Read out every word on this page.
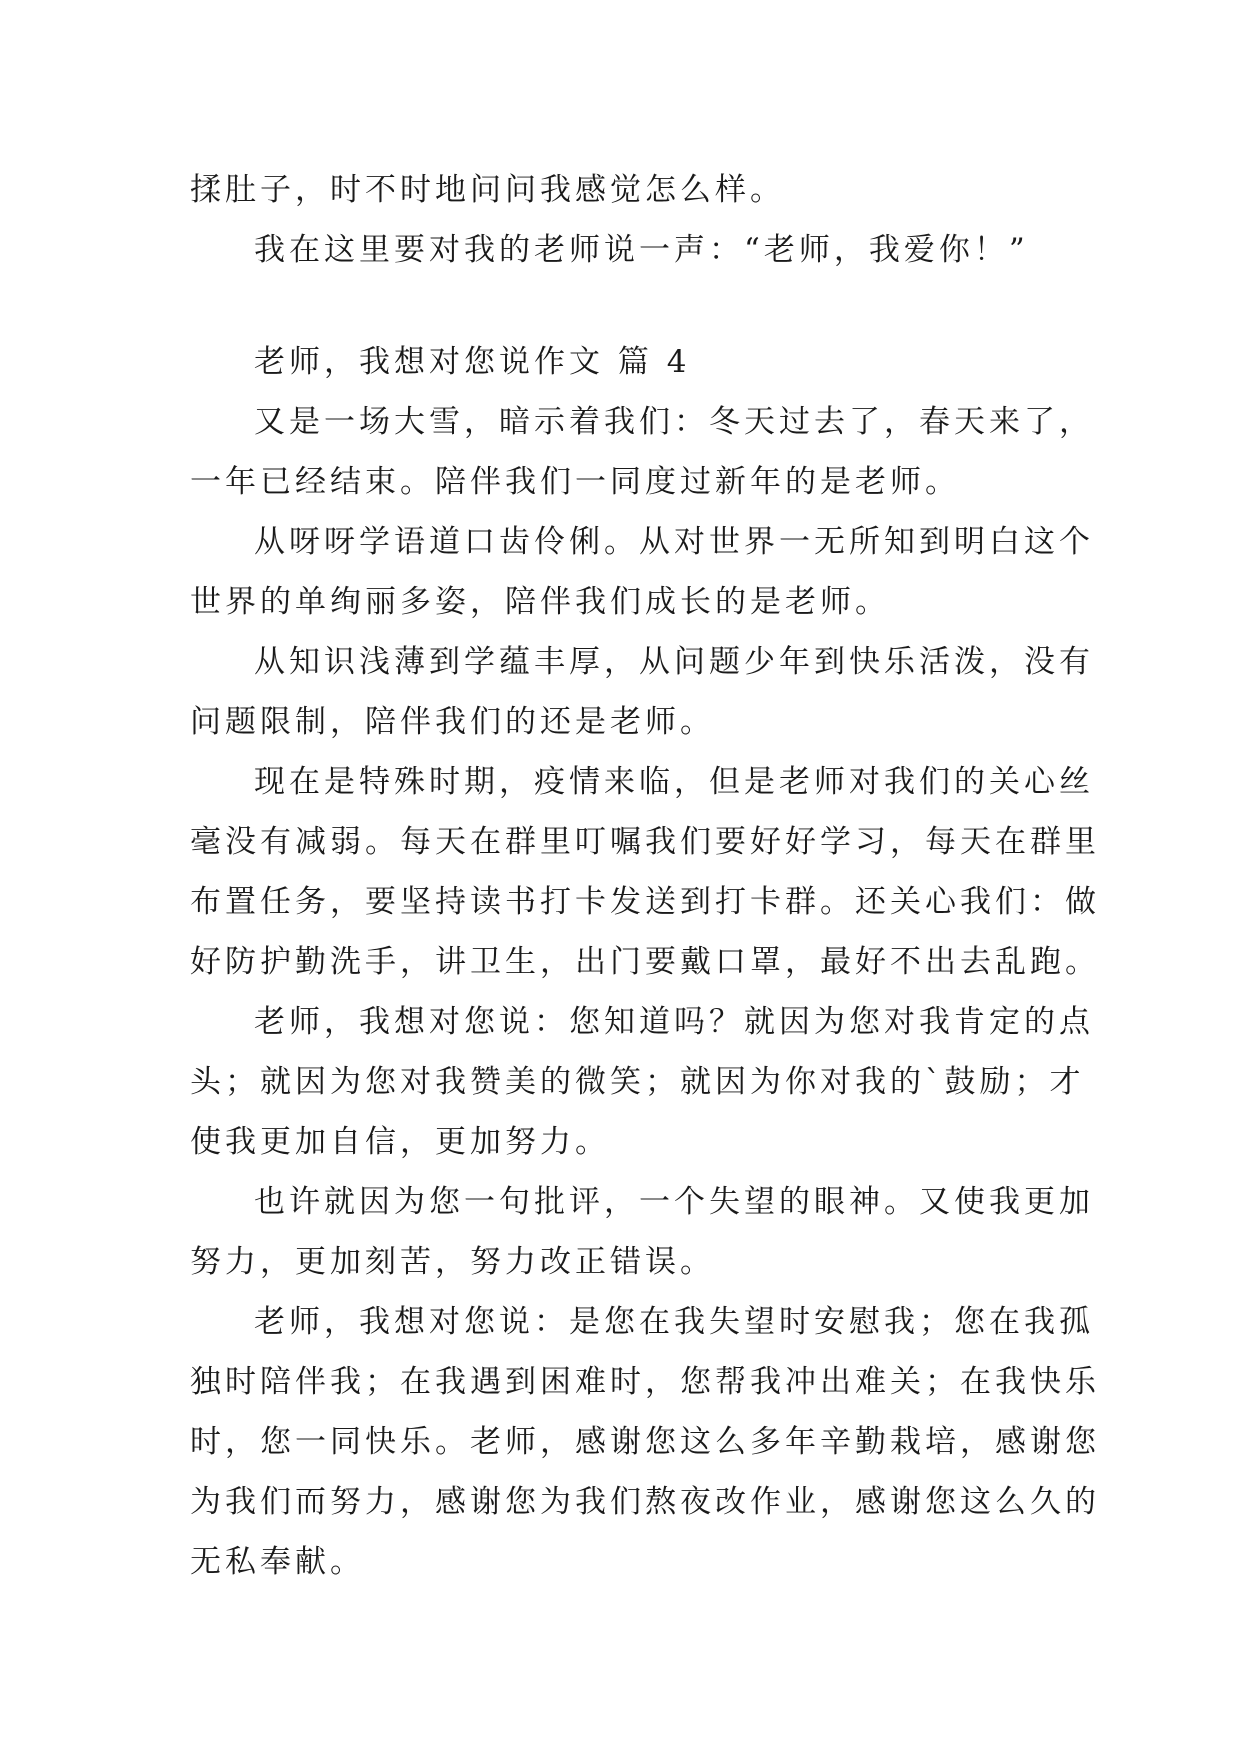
揉肚子，时不时地问问我感觉怎么样。
我在这里要对我的老师说一声：“老师，我爱你！”
老师，我想对您说作文 篇 4
又是一场大雪，暗示着我们：冬天过去了，春天来了，
一年已经结束。陪伴我们一同度过新年的是老师。
从呀呀学语道口齿伶俐。从对世界一无所知到明白这个
世界的单绚丽多姿，陪伴我们成长的是老师。
从知识浅薄到学蕴丰厚，从问题少年到快乐活泼，没有
问题限制，陪伴我们的还是老师。
现在是特殊时期，疫情来临，但是老师对我们的关心丝
毫没有减弱。每天在群里叮嘱我们要好好学习，每天在群里
布置任务，要坚持读书打卡发送到打卡群。还关心我们：做
好防护勤洗手，讲卫生，出门要戴口罩，最好不出去乱跑。
老师，我想对您说：您知道吗？就因为您对我肯定的点
头；就因为您对我赞美的微笑；就因为你对我的`鼓励；才
使我更加自信，更加努力。
也许就因为您一句批评，一个失望的眼神。又使我更加
努力，更加刻苦，努力改正错误。
老师，我想对您说：是您在我失望时安慰我；您在我孤
独时陪伴我；在我遇到困难时，您帮我冲出难关；在我快乐
时，您一同快乐。老师，感谢您这么多年辛勤栽培，感谢您
为我们而努力，感谢您为我们熬夜改作业，感谢您这么久的
无私奉献。
